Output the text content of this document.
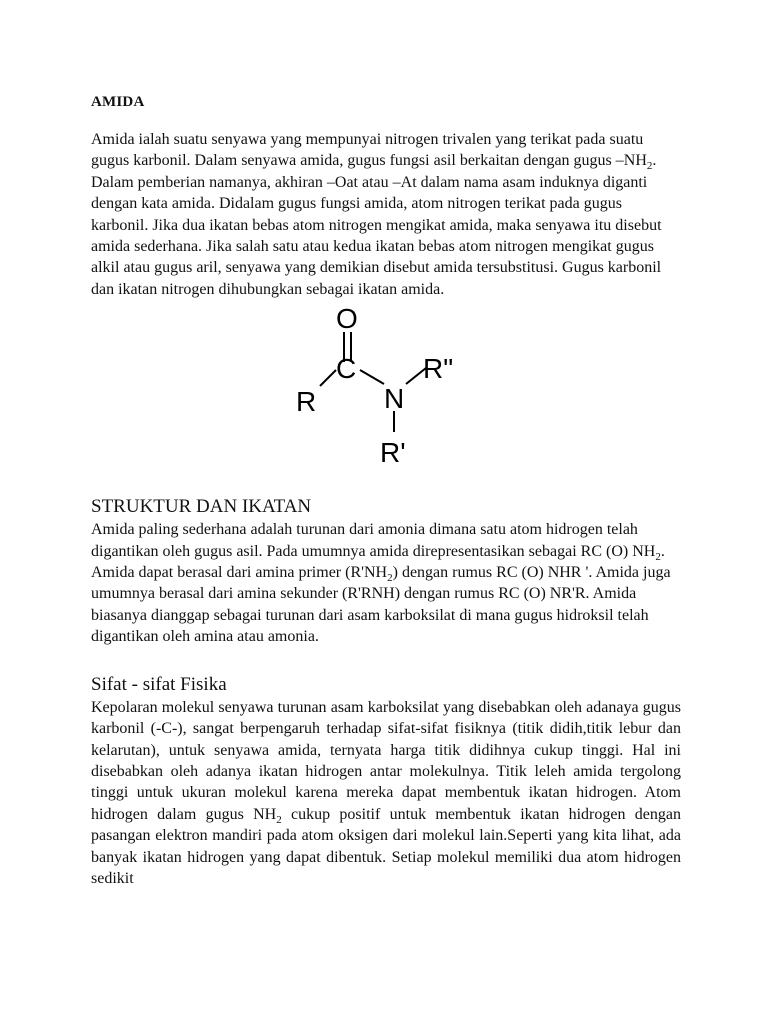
AMIDA

Amida ialah suatu senyawa yang mempunyai nitrogen trivalen yang terikat pada suatu gugus karbonil. Dalam senyawa amida, gugus fungsi asil berkaitan dengan gugus $-NH_2$. Dalam pemberian namanya, akhiran –Oat atau –At dalam nama asam induknya diganti dengan kata amida. Didalam gugus fungsi amida, atom nitrogen terikat pada gugus karbonil. Jika dua ikatan bebas atom nitrogen mengikat amida, maka senyawa itu disebut amida sederhana. Jika salah satu atau kedua ikatan bebas atom nitrogen mengikat gugus alkil atau gugus aril, senyawa yang demikian disebut amida tersubstitusi. Gugus karbonil dan ikatan nitrogen dihubungkan sebagai ikatan amida.

O
C
R N
R"
R'
STRUKTUR DAN IKATAN

Amida paling sederhana adalah turunan dari amonia dimana satu atom hidrogen telah digantikan oleh gugus asil. Pada umumnya amida direpresentasikan sebagai RC (O) $NH_2$. Amida dapat berasal dari amina primer $(R'NH_2)$ dengan rumus RC (O) NHR '. Amida juga umumnya berasal dari amina sekunder (R'RNH) dengan rumus RC (O) NR'R. Amida biasanya dianggap sebagai turunan dari asam karboksilat di mana gugus hidroksil telah digantikan oleh amina atau amonia.

Sifat - sifat Fisika

Kepolaran molekul senyawa turunan asam karboksilat yang disebabkan oleh adanaya gugus karbonil (-C-), sangat berpengaruh terhadap sifat-sifat fisiknya (titik didih,titik lebur dan kelarutan), untuk senyawa amida, ternyata harga titik didihnya cukup tinggi. Hal ini disebabkan oleh adanya ikatan hidrogen antar molekulnya. Titik leleh amida tergolong tinggi untuk ukuran molekul karena mereka dapat membentuk ikatan hidrogen. Atom hidrogen dalam gugus $NH_2$ cukup positif untuk membentuk ikatan hidrogen dengan pasangan elektron mandiri pada atom oksigen dari molekul lain.Seperti yang kita lihat, ada banyak ikatan hidrogen yang dapat dibentuk. Setiap molekul memiliki dua atom hidrogen sedikit
